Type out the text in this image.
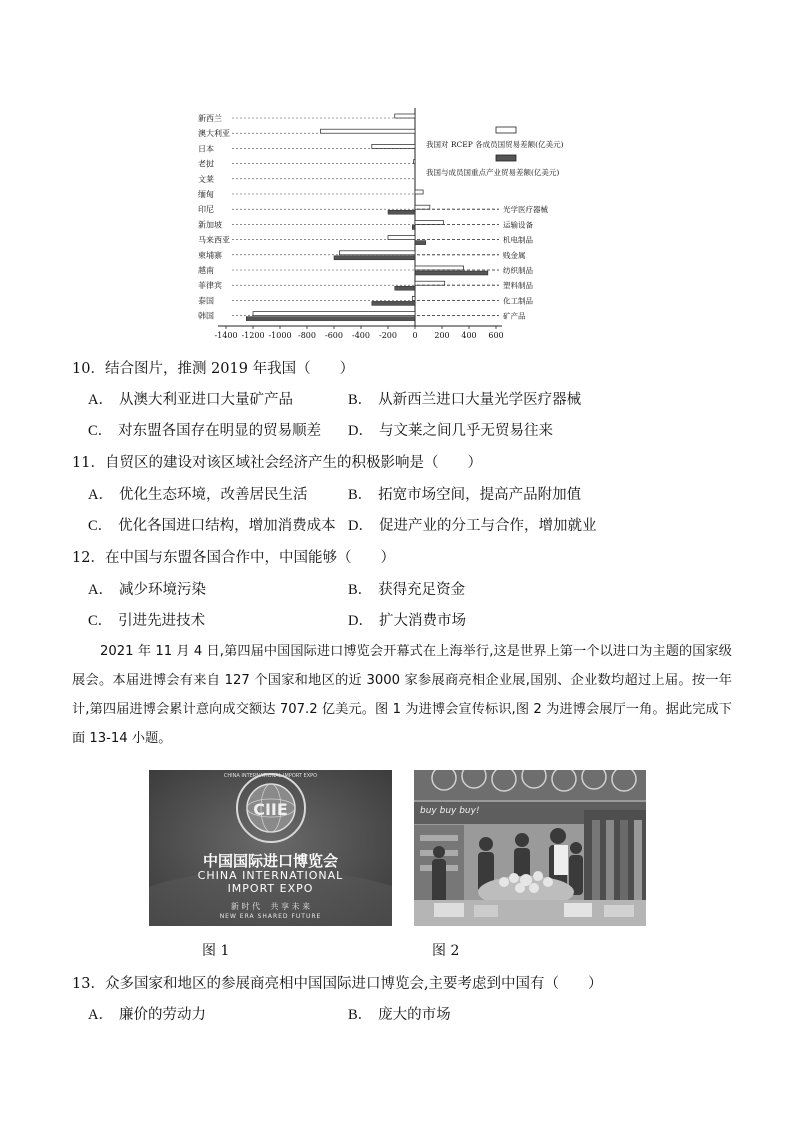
-1400 -1200 -1000 -800 -600 -400 -200 0 200 400 600
新西兰
澳大利亚
日本
老挝
文莱
缅甸
印尼
新加坡
马来西亚
柬埔寨
越南
菲律宾
泰国
韩国
光学医疗器械
运输设备
机电制品
贱金属
纺织制品
塑料制品
化工制品
矿产品
我国对 RCEP 各成员国贸易差额(亿美元)
我国与成员国重点产业贸易差额(亿美元)
10．结合图片，推测 2019 年我国（　　）
A． 从澳大利亚进口大量矿产品	B． 从新西兰进口大量光学医疗器械
C． 对东盟各国存在明显的贸易顺差 D． 与文莱之间几乎无贸易往来
11．自贸区的建设对该区域社会经济产生的积极影响是（　　）
A． 优化生态环境，改善居民生活	B． 拓宽市场空间，提高产品附加值
C． 优化各国进口结构，增加消费成本 D． 促进产业的分工与合作，增加就业
12．在中国与东盟各国合作中，中国能够（　　）
A． 减少环境污染	B． 获得充足资金
C． 引进先进技术	D． 扩大消费市场

2021 年 11 月 4 日,第四届中国国际进口博览会开幕式在上海举行,这是世界上第一个以进口为主题的国家级展会。本届进博会有来自 127 个国家和地区的近 3000 家参展商亮相企业展,国别、企业数均超过上届。按一年计,第四届进博会累计意向成交额达 707.2 亿美元。图 1 为进博会宣传标识,图 2 为进博会展厅一角。据此完成下面 13-14 小题。

CIIE
CHINA INTERNATIONAL IMPORT EXPO
中国国际进口博览会
CHINA INTERNATIONAL
IMPORT EXPO
新 时 代 　共 享 未 来
NEW ERA SHARED FUTURE
buy buy buy!
图 1	图 2
13．众多国家和地区的参展商亮相中国国际进口博览会,主要考虑到中国有（　　）
A． 廉价的劳动力	B． 庞大的市场
